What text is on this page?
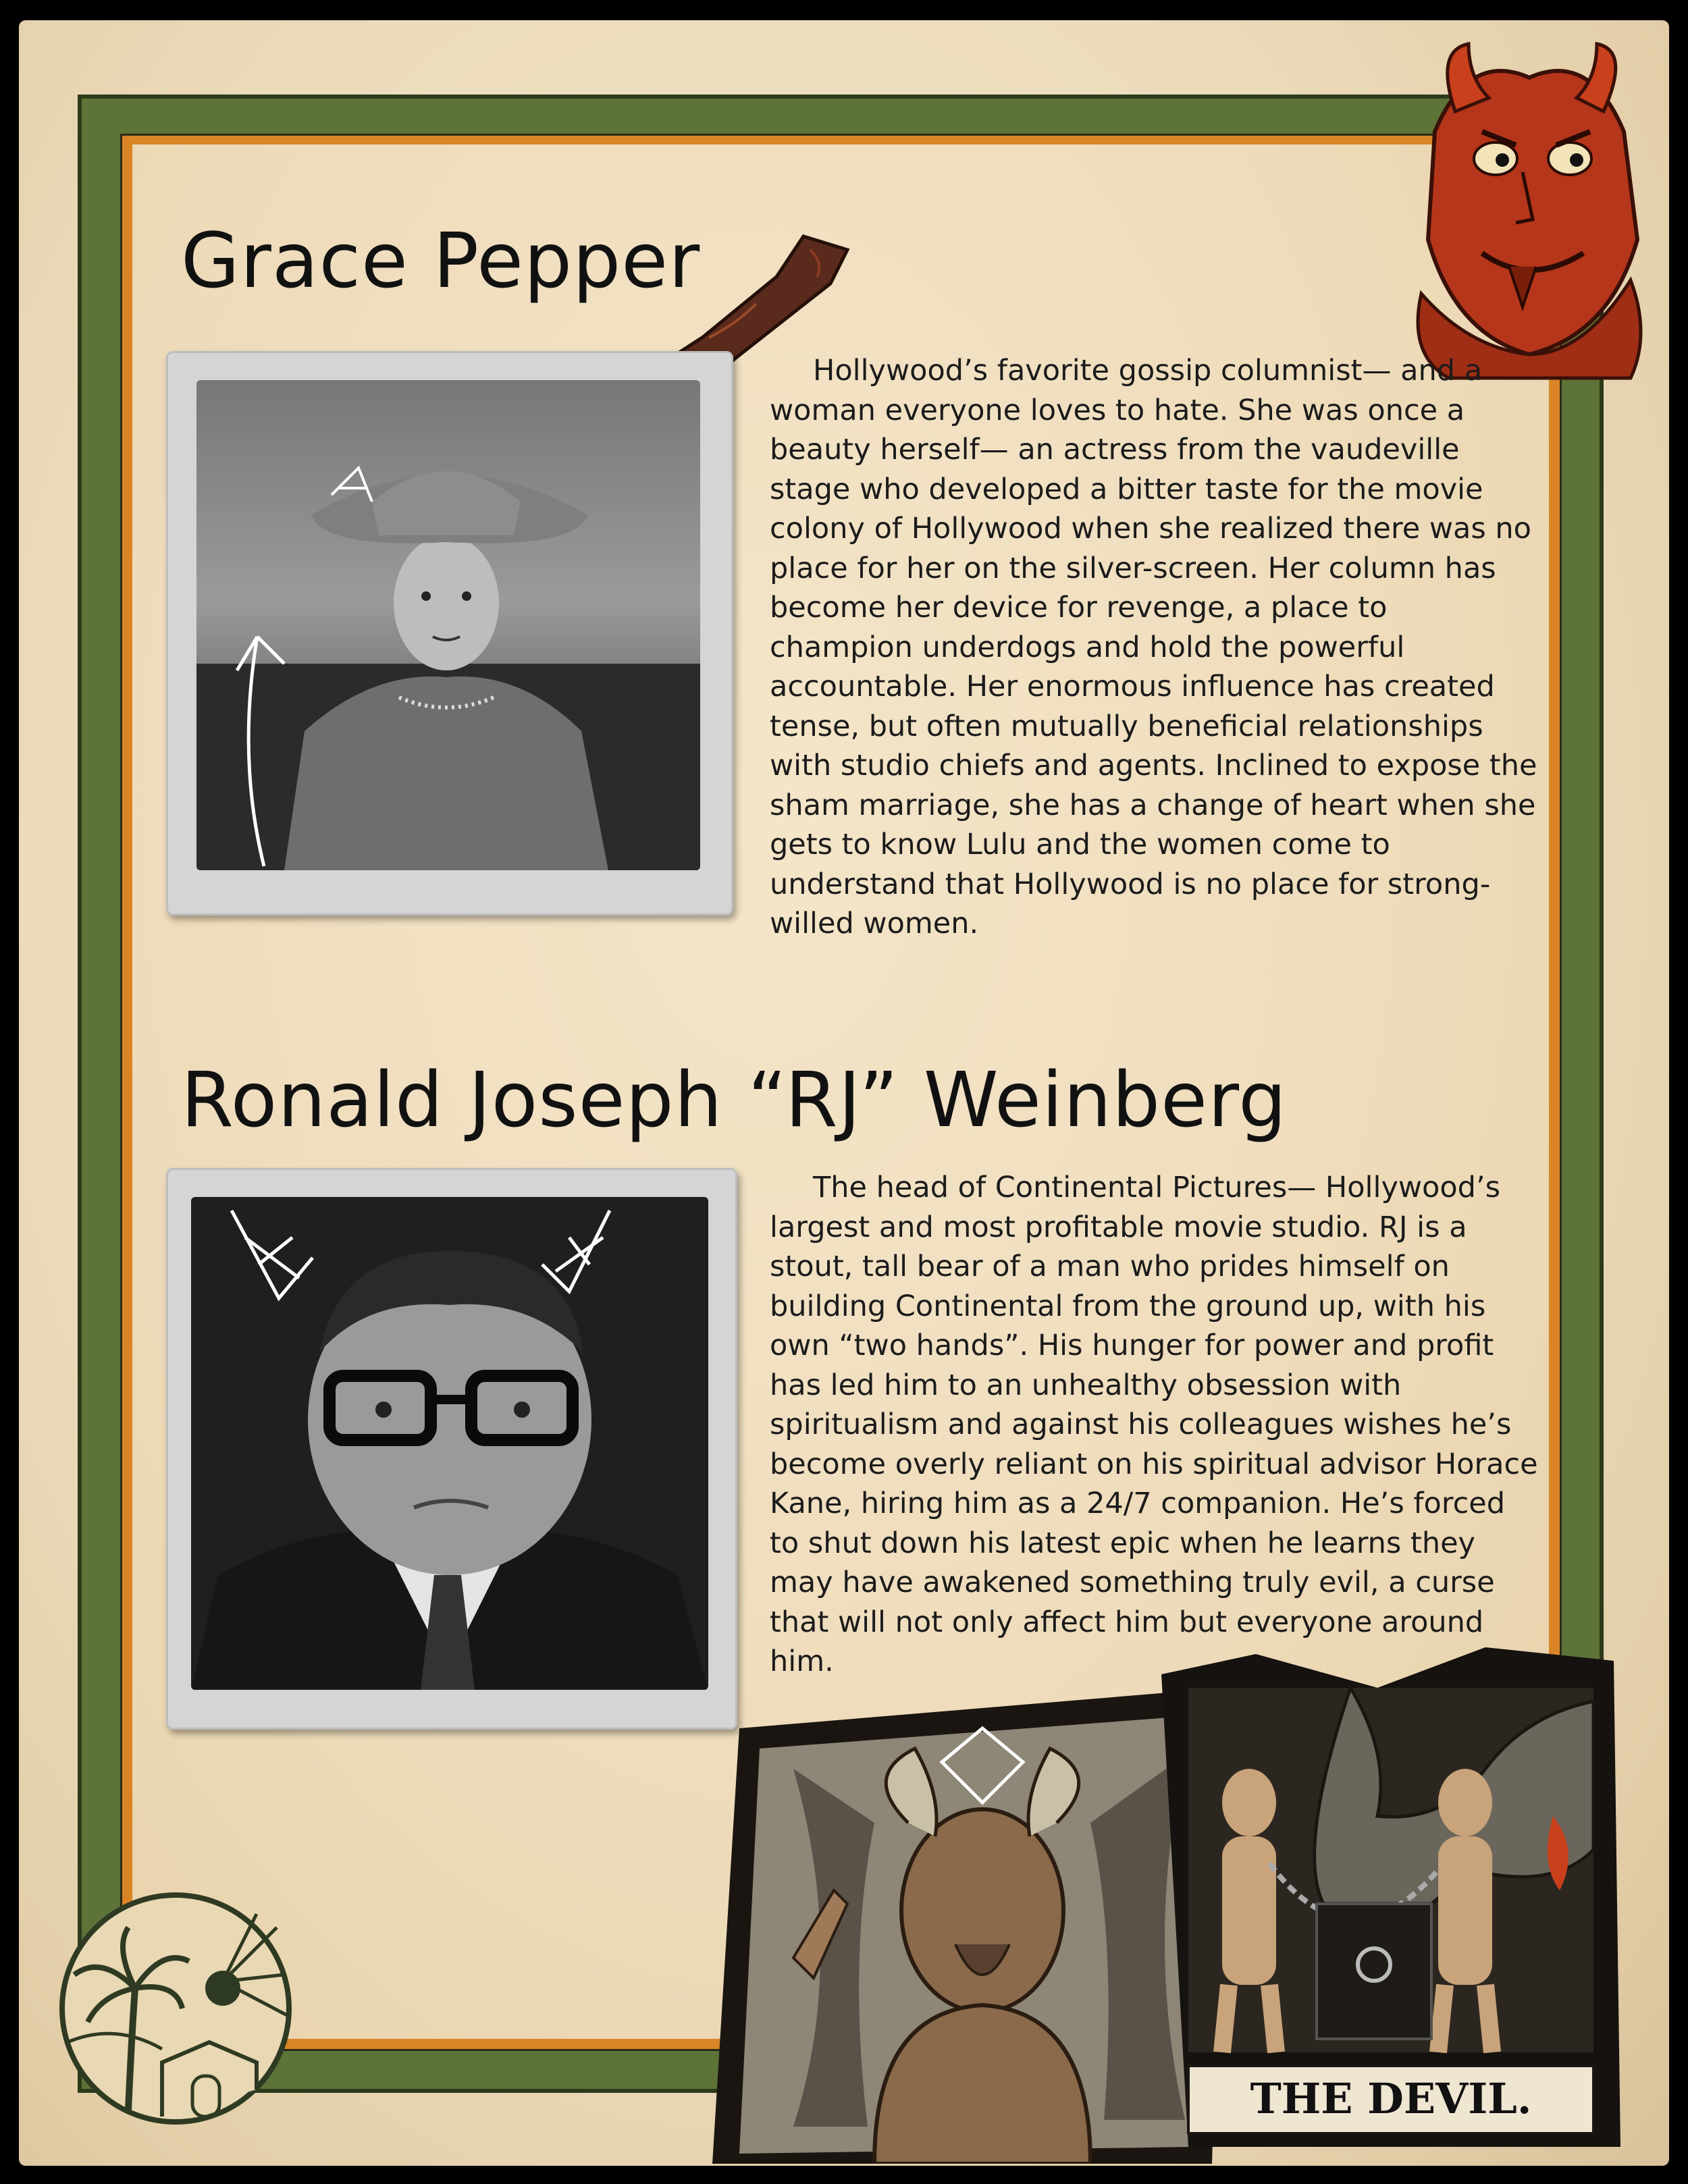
Grace Pepper
Ronald Joseph “RJ” Weinberg

Hollywood’s favorite gossip columnist— and a woman everyone loves to hate. She was once a beauty herself— an actress from the vaudeville stage who developed a bitter taste for the movie colony of Hollywood when she realized there was no place for her on the silver-screen. Her column has become her device for revenge, a place to champion underdogs and hold the powerful accountable. Her enormous influence has created tense, but often mutually beneficial relationships with studio chiefs and agents. Inclined to expose the sham marriage, she has a change of heart when she gets to know Lulu and the women come to understand that Hollywood is no place for strong-willed women.

The head of Continental Pictures— Hollywood’s largest and most profitable movie studio. RJ is a stout, tall bear of a man who prides himself on building Continental from the ground up, with his own “two hands”. His hunger for power and profit has led him to an unhealthy obsession with spiritualism and against his colleagues wishes he’s become overly reliant on his spiritual advisor Horace Kane, hiring him as a 24/7 companion. He’s forced to shut down his latest epic when he learns they may have awakened something truly evil, a curse that will not only affect him but everyone around him.

THE DEVIL.
